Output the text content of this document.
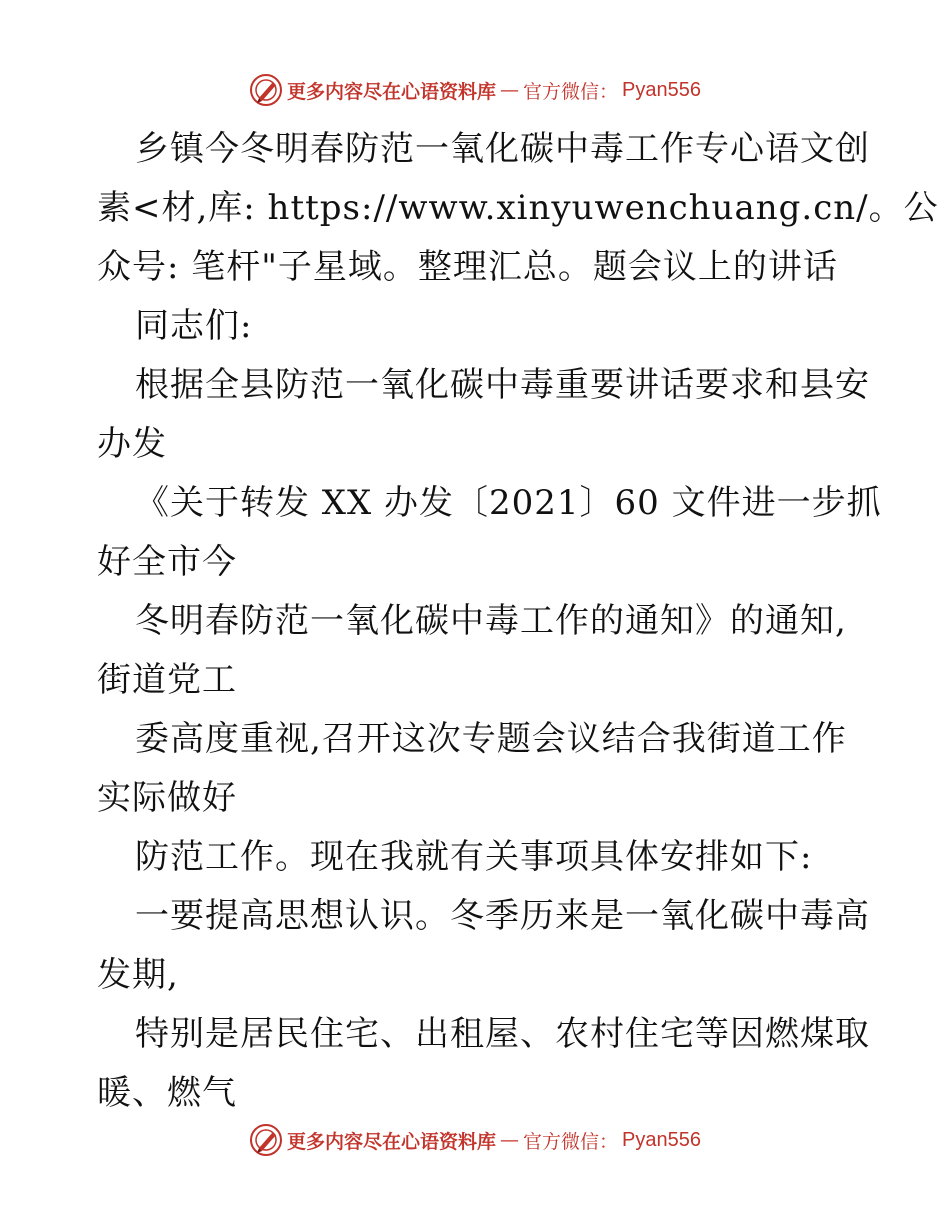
更多内容尽在心语资料库 — 官方微信： Pyan556
乡镇今冬明春防范一氧化碳中毒工作专心语文创
素<材,库: https://www.xinyuwenchuang.cn/。公
众号: 笔杆"子星域。整理汇总。题会议上的讲话
同志们:
根据全县防范一氧化碳中毒重要讲话要求和县安
办发
《关于转发 XX 办发〔2021〕60 文件进一步抓
好全市今
冬明春防范一氧化碳中毒工作的通知》的通知,
街道党工
委高度重视,召开这次专题会议结合我街道工作
实际做好
防范工作。现在我就有关事项具体安排如下:
一要提高思想认识。冬季历来是一氧化碳中毒高
发期,
特别是居民住宅、出租屋、农村住宅等因燃煤取
暖、燃气
更多内容尽在心语资料库 — 官方微信： Pyan556
